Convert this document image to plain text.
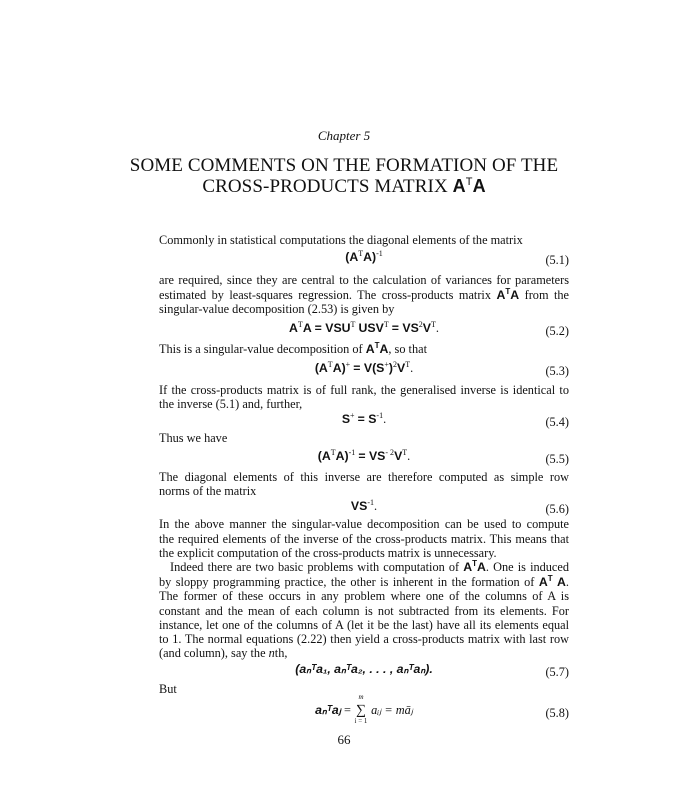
Chapter 5
SOME COMMENTS ON THE FORMATION OF THE
CROSS-PRODUCTS MATRIX $A^TA$
Commonly in statistical computations the diagonal elements of the matrix
$(A^TA)^{-1}$	(5.1)
are required, since they are central to the calculation of variances for parameters
estimated by least-squares regression. The cross-products matrix $A^TA$ from the
singular-value decomposition (2.53) is given by
$A^TA = VSU^T$ $USV^T = VS^2V^T$.	(5.2)
This is a singular-value decomposition of $A^TA$, so that
$(A^TA)^+ = V(S^+)^2V^T$.	(5.3)
If the cross-products matrix is of full rank, the generalised inverse is identical to
the inverse (5.1) and, further,
$S^+ = S^{-1}$.	(5.4)
Thus we have
$(A^TA)^{-1} = VS^{- 2}V^T$.	(5.5)
The diagonal elements of this inverse are therefore computed as simple row
norms of the matrix
$VS^{-1}$.	(5.6)
In the above manner the singular-value decomposition can be used to compute
the required elements of the inverse of the cross-products matrix. This means that
the explicit computation of the cross-products matrix is unnecessary.
Indeed there are two basic problems with computation of $A^TA$. One is induced
by sloppy programming practice, the other is inherent in the formation of $A^T$ A.
The former of these occurs in any problem where one of the columns of A is
constant and the mean of each column is not subtracted from its elements. For
instance, let one of the columns of A (let it be the last) have all its elements equal
to 1. The normal equations (2.22) then yield a cross-products matrix with last row
(and column), say the nth,
(aₙᵀa₁, aₙᵀa₂, . . . , aₙᵀaₙ).	(5.7)
But
aₙᵀaⱼ =
m
∑
i = 1
aᵢⱼ = māⱼ	(5.8)
66
